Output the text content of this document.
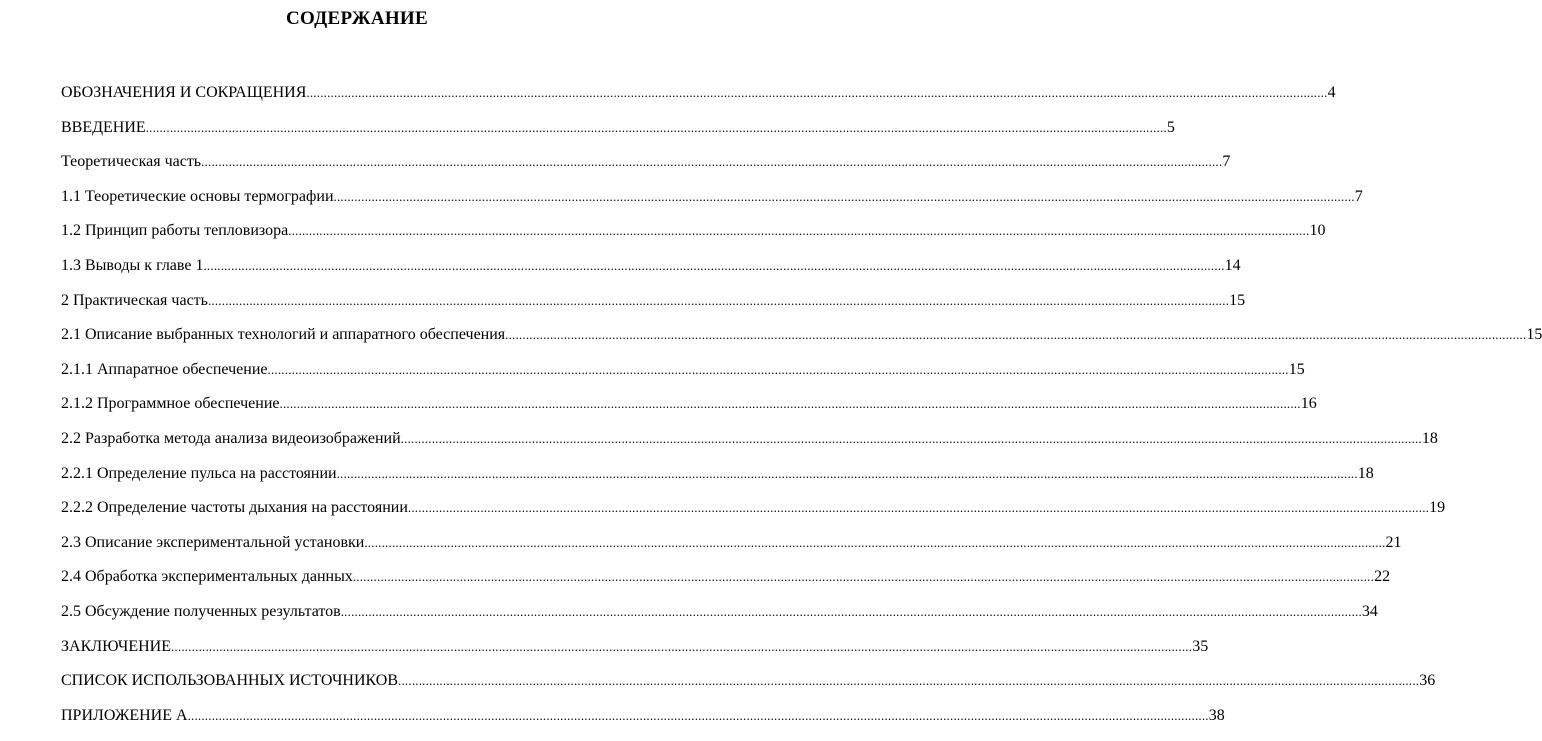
СОДЕРЖАНИЕ
ОБОЗНАЧЕНИЯ И СОКРАЩЕНИЯ ........................................................................................................................................................................................................................................................................................................ 4
ВВЕДЕНИЕ ........................................................................................................................................................................................................................................................................................................ 5
Теоретическая часть ........................................................................................................................................................................................................................................................................................................ 7
1.1 Теоретические основы термографии ........................................................................................................................................................................................................................................................................................................ 7
1.2 Принцип работы тепловизора ........................................................................................................................................................................................................................................................................................................ 10
1.3 Выводы к главе 1 ........................................................................................................................................................................................................................................................................................................ 14
2 Практическая часть ........................................................................................................................................................................................................................................................................................................ 15
2.1 Описание выбранных технологий и аппаратного обеспечения ........................................................................................................................................................................................................................................................................................................ 15
2.1.1 Аппаратное обеспечение ........................................................................................................................................................................................................................................................................................................ 15
2.1.2 Программное обеспечение ........................................................................................................................................................................................................................................................................................................ 16
2.2 Разработка метода анализа видеоизображений ........................................................................................................................................................................................................................................................................................................ 18
2.2.1 Определение пульса на расстоянии ........................................................................................................................................................................................................................................................................................................ 18
2.2.2 Определение частоты дыхания на расстоянии ........................................................................................................................................................................................................................................................................................................ 19
2.3 Описание экспериментальной установки ........................................................................................................................................................................................................................................................................................................ 21
2.4 Обработка экспериментальных данных ........................................................................................................................................................................................................................................................................................................ 22
2.5 Обсуждение полученных результатов ........................................................................................................................................................................................................................................................................................................ 34
ЗАКЛЮЧЕНИЕ ........................................................................................................................................................................................................................................................................................................ 35
СПИСОК ИСПОЛЬЗОВАННЫХ ИСТОЧНИКОВ ........................................................................................................................................................................................................................................................................................................ 36
ПРИЛОЖЕНИЕ А ........................................................................................................................................................................................................................................................................................................ 38
